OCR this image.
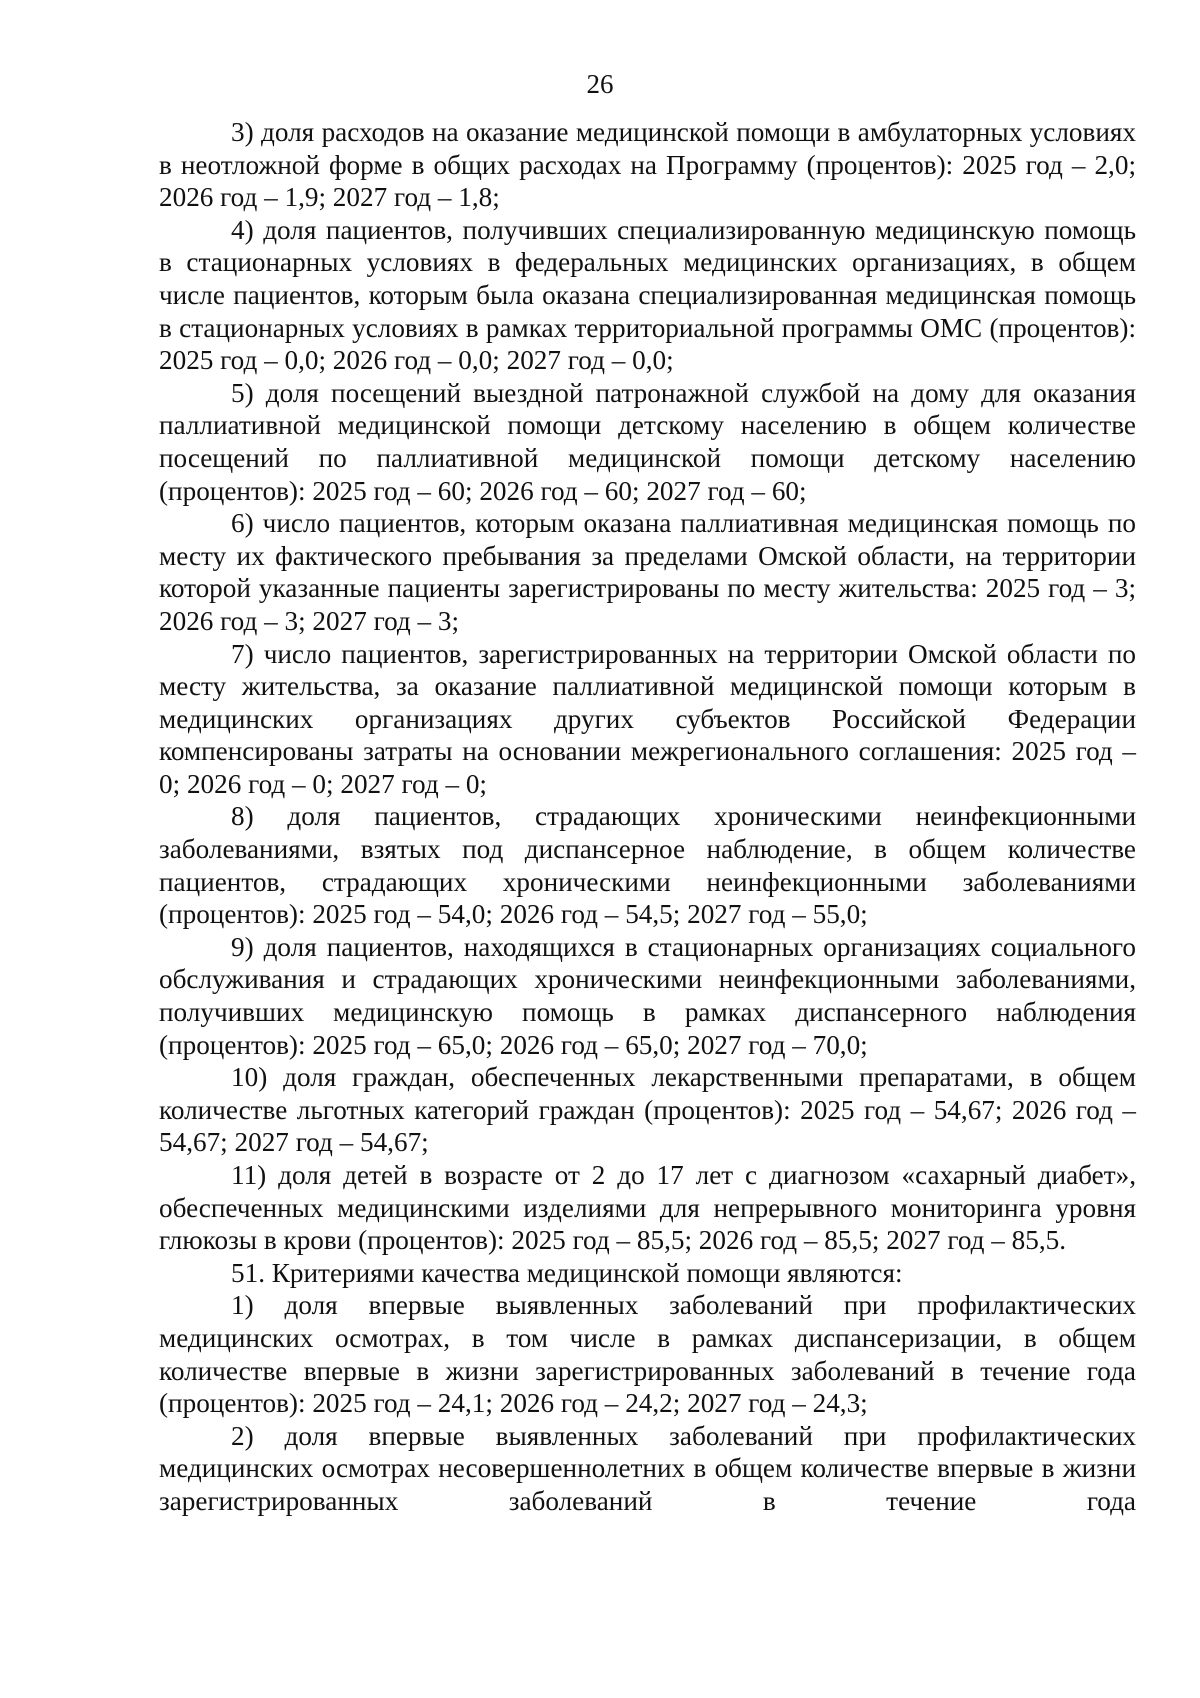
26

3) доля расходов на оказание медицинской помощи в амбулаторных условиях в неотложной форме в общих расходах на Программу (процентов): 2025 год – 2,0; 2026 год – 1,9; 2027 год – 1,8;

4) доля пациентов, получивших специализированную медицинскую помощь в стационарных условиях в федеральных медицинских организациях, в общем числе пациентов, которым была оказана специализированная медицинская помощь в стационарных условиях в рамках территориальной программы ОМС (процентов): 2025 год – 0,0; 2026 год – 0,0; 2027 год – 0,0;

5) доля посещений выездной патронажной службой на дому для оказания паллиативной медицинской помощи детскому населению в общем количестве посещений по паллиативной медицинской помощи детскому населению (процентов): 2025 год – 60; 2026 год – 60; 2027 год – 60;

6) число пациентов, которым оказана паллиативная медицинская помощь по месту их фактического пребывания за пределами Омской области, на территории которой указанные пациенты зарегистрированы по месту жительства: 2025 год – 3; 2026 год – 3; 2027 год – 3;

7) число пациентов, зарегистрированных на территории Омской области по месту жительства, за оказание паллиативной медицинской помощи которым в медицинских организациях других субъектов Российской Федерации компенсированы затраты на основании межрегионального соглашения: 2025 год – 0; 2026 год – 0; 2027 год – 0;

8) доля пациентов, страдающих хроническими неинфекционными заболеваниями, взятых под диспансерное наблюдение, в общем количестве пациентов, страдающих хроническими неинфекционными заболеваниями (процентов): 2025 год – 54,0; 2026 год – 54,5; 2027 год – 55,0;

9) доля пациентов, находящихся в стационарных организациях социального обслуживания и страдающих хроническими неинфекционными заболеваниями, получивших медицинскую помощь в рамках диспансерного наблюдения (процентов): 2025 год – 65,0; 2026 год – 65,0; 2027 год – 70,0;

10) доля граждан, обеспеченных лекарственными препаратами, в общем количестве льготных категорий граждан (процентов): 2025 год – 54,67; 2026 год – 54,67; 2027 год – 54,67;

11) доля детей в возрасте от 2 до 17 лет с диагнозом «сахарный диабет», обеспеченных медицинскими изделиями для непрерывного мониторинга уровня глюкозы в крови (процентов): 2025 год – 85,5; 2026 год – 85,5; 2027 год – 85,5.

51. Критериями качества медицинской помощи являются:

1) доля впервые выявленных заболеваний при профилактических медицинских осмотрах, в том числе в рамках диспансеризации, в общем количестве впервые в жизни зарегистрированных заболеваний в течение года (процентов): 2025 год – 24,1; 2026 год – 24,2; 2027 год – 24,3;

2) доля впервые выявленных заболеваний при профилактических медицинских осмотрах несовершеннолетних в общем количестве впервые в жизни зарегистрированных заболеваний в течение года
